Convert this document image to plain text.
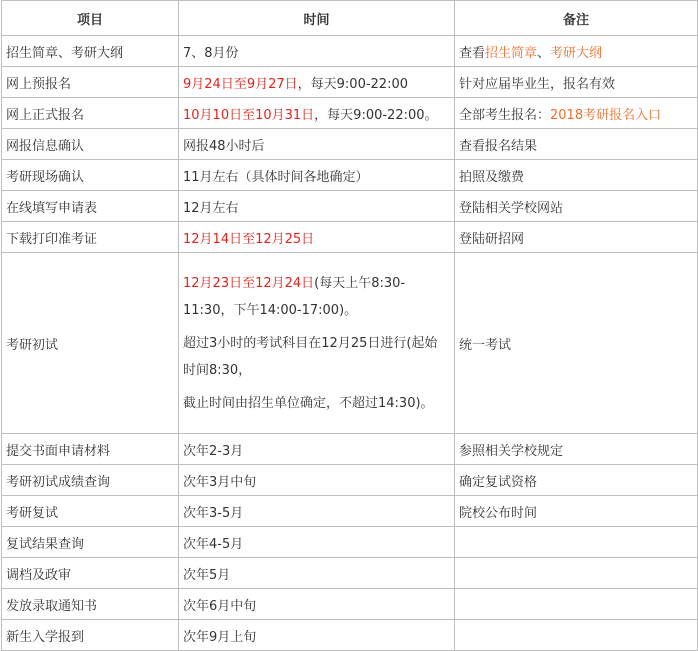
项目	时间	备注
招生简章、考研大纲	7、8月份	查看招生简章、考研大纲
网上预报名	9月24日至9月27日，每天9:00-22:00	针对应届毕业生，报名有效
网上正式报名	10月10日至10月31日，每天9:00-22:00。	全部考生报名：2018考研报名入口
网报信息确认	网报48小时后	查看报名结果
考研现场确认	11月左右（具体时间各地确定）	拍照及缴费
在线填写申请表	12月左右	登陆相关学校网站
下载打印准考证	12月14日至12月25日	登陆研招网
考研初试	12月23日至12月24日(每天上午8:30-11:30，下午14:00-17:00)。

超过3小时的考试科目在12月25日进行(起始时间8:30，

截止时间由招生单位确定，不超过14:30)。	统一考试
提交书面申请材料	次年2-3月	参照相关学校规定
考研初试成绩查询	次年3月中旬	确定复试资格
考研复试	次年3-5月	院校公布时间
复试结果查询	次年4-5月	
调档及政审	次年5月	
发放录取通知书	次年6月中旬	
新生入学报到	次年9月上旬	
